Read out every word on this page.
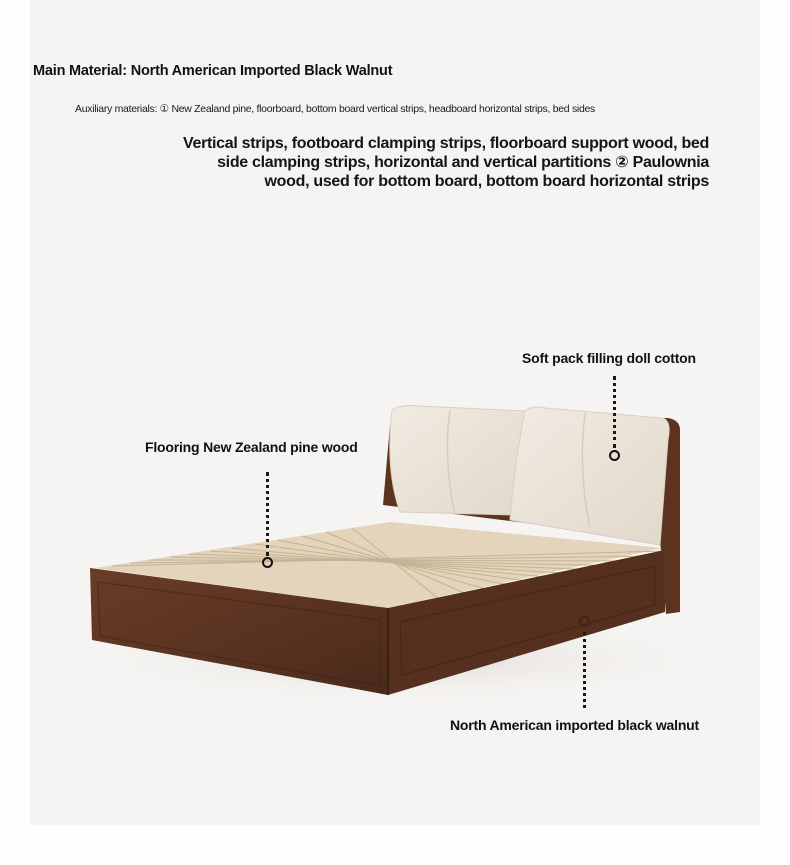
Main Material: North American Imported Black Walnut
Auxiliary materials: ① New Zealand pine, floorboard, bottom board vertical strips, headboard horizontal strips, bed sides
Vertical strips, footboard clamping strips, floorboard support wood, bed
side clamping strips, horizontal and vertical partitions ② Paulownia
wood, used for bottom board, bottom board horizontal strips
Soft pack filling doll cotton
Flooring New Zealand pine wood
North American imported black walnut
